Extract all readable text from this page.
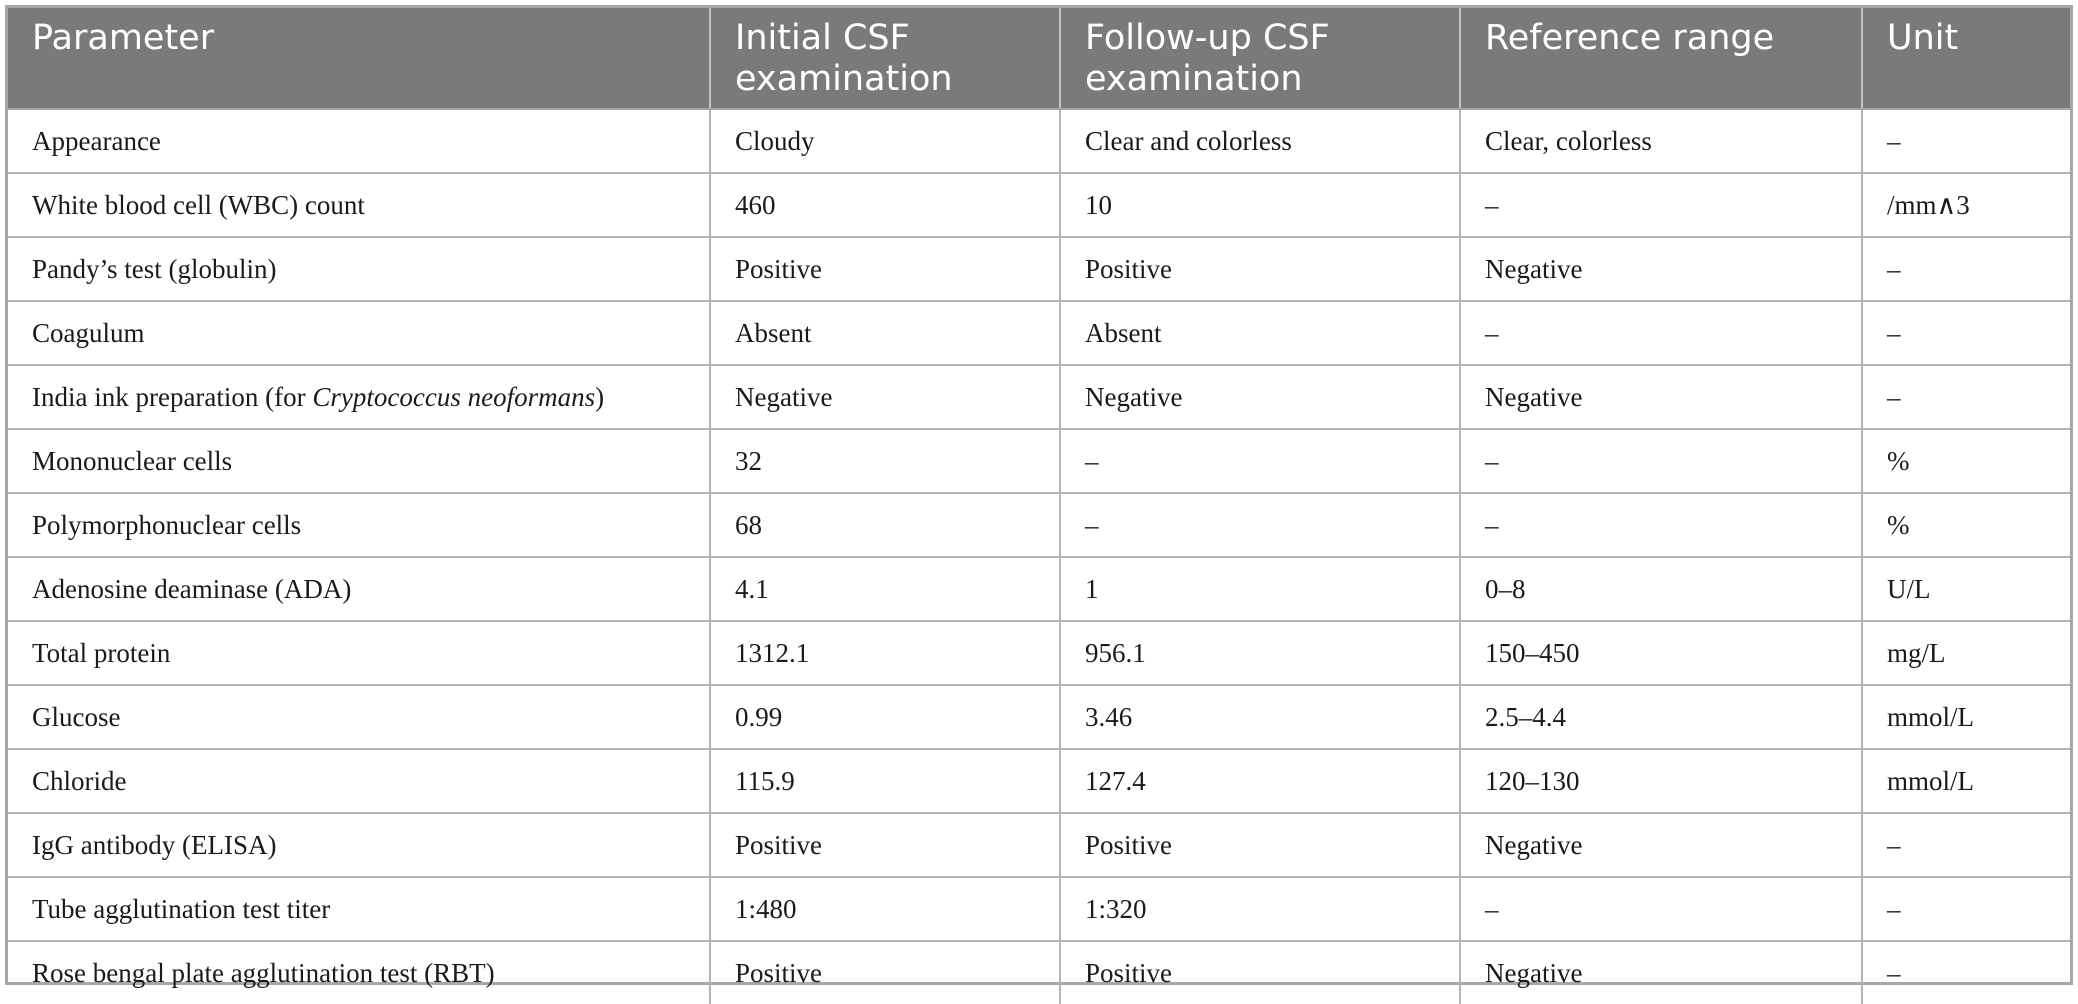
Parameter	Initial CSF examination	Follow-up CSF examination	Reference range	Unit
Appearance	Cloudy	Clear and colorless	Clear, colorless	–
White blood cell (WBC) count	460	10	–	/mm∧3
Pandy’s test (globulin)	Positive	Positive	Negative	–
Coagulum	Absent	Absent	–	–
India ink preparation (for Cryptococcus neoformans)	Negative	Negative	Negative	–
Mononuclear cells	32	–	–	%
Polymorphonuclear cells	68	–	–	%
Adenosine deaminase (ADA)	4.1	1	0–8	U/L
Total protein	1312.1	956.1	150–450	mg/L
Glucose	0.99	3.46	2.5–4.4	mmol/L
Chloride	115.9	127.4	120–130	mmol/L
IgG antibody (ELISA)	Positive	Positive	Negative	–
Tube agglutination test titer	1:480	1:320	–	–
Rose bengal plate agglutination test (RBT)	Positive	Positive	Negative	–
